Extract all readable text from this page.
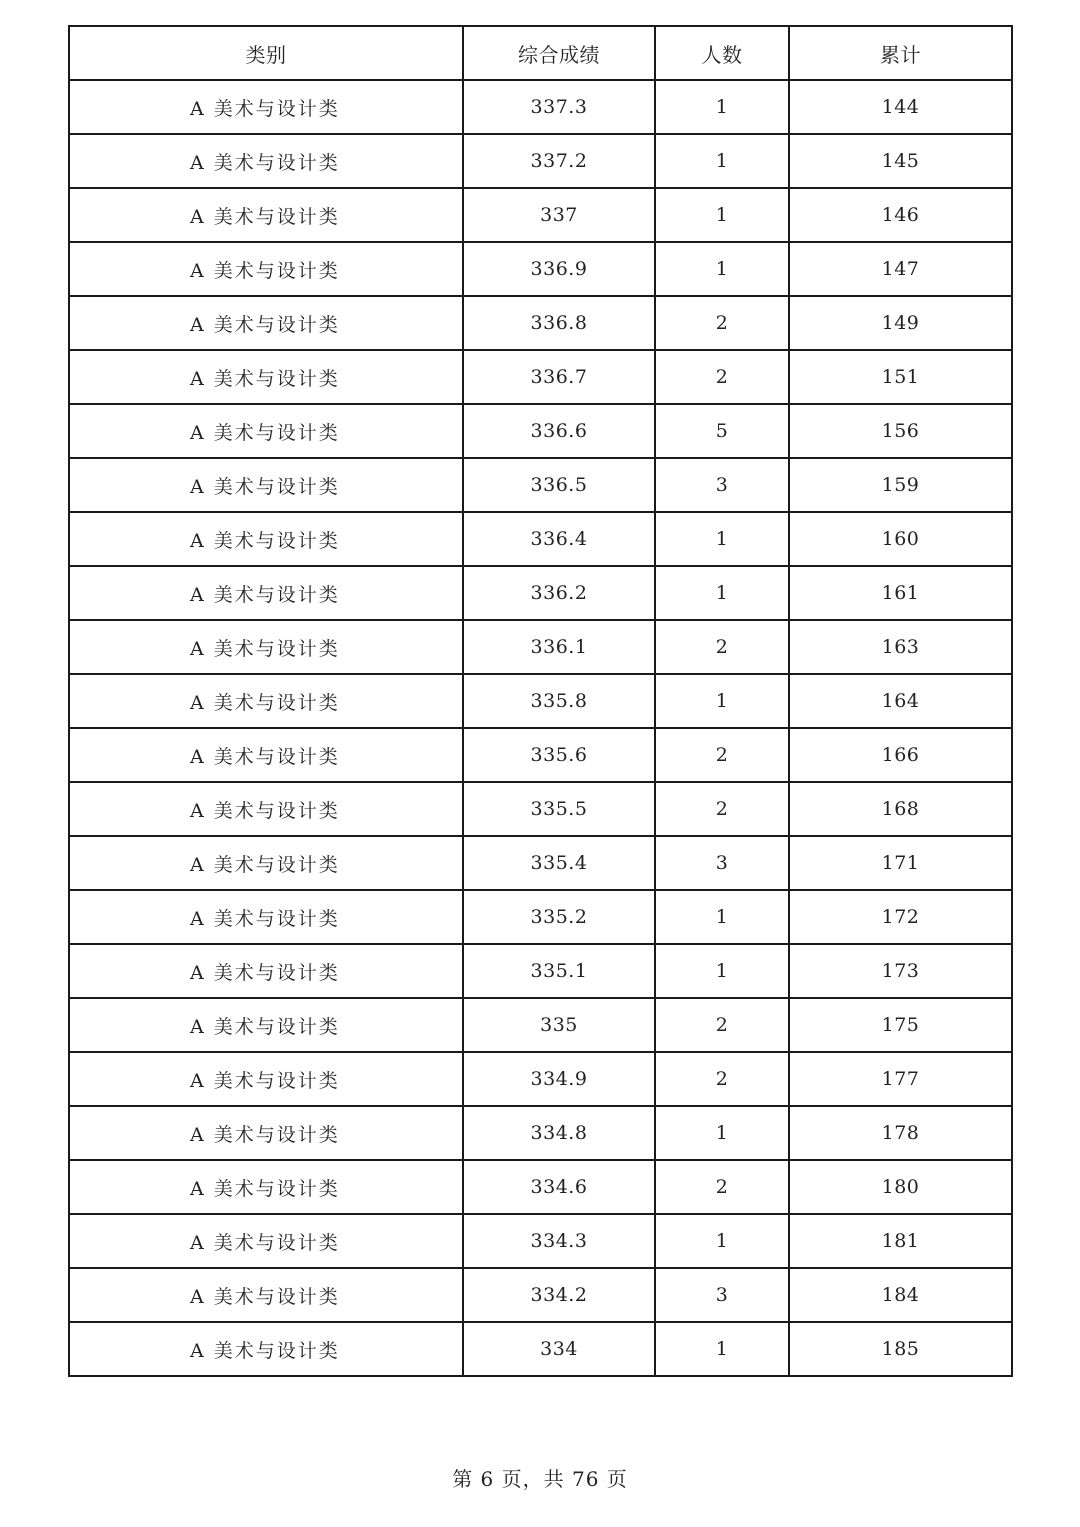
类别	综合成绩	人数	累计
A 美术与设计类	337.3	1	144
A 美术与设计类	337.2	1	145
A 美术与设计类	337	1	146
A 美术与设计类	336.9	1	147
A 美术与设计类	336.8	2	149
A 美术与设计类	336.7	2	151
A 美术与设计类	336.6	5	156
A 美术与设计类	336.5	3	159
A 美术与设计类	336.4	1	160
A 美术与设计类	336.2	1	161
A 美术与设计类	336.1	2	163
A 美术与设计类	335.8	1	164
A 美术与设计类	335.6	2	166
A 美术与设计类	335.5	2	168
A 美术与设计类	335.4	3	171
A 美术与设计类	335.2	1	172
A 美术与设计类	335.1	1	173
A 美术与设计类	335	2	175
A 美术与设计类	334.9	2	177
A 美术与设计类	334.8	1	178
A 美术与设计类	334.6	2	180
A 美术与设计类	334.3	1	181
A 美术与设计类	334.2	3	184
A 美术与设计类	334	1	185
第 6 页，共 76 页
